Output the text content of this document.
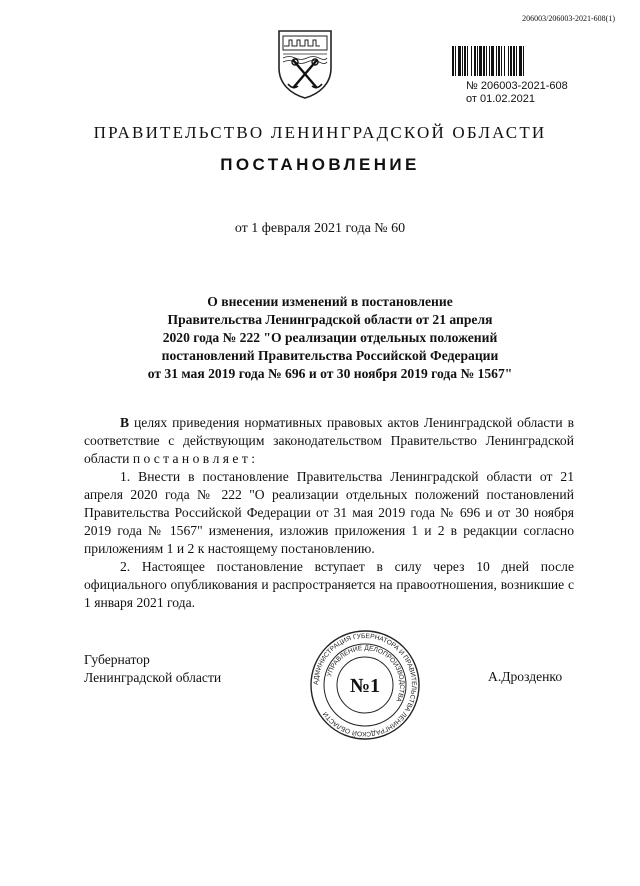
206003/206003-2021-608(1)
№ 206003-2021-608
от 01.02.2021
ПРАВИТЕЛЬСТВО ЛЕНИНГРАДСКОЙ ОБЛАСТИ
ПОСТАНОВЛЕНИЕ
от 1 февраля 2021 года № 60
О внесении изменений в постановление
Правительства Ленинградской области от 21 апреля
2020 года № 222 "О реализации отдельных положений
постановлений Правительства Российской Федерации
от 31 мая 2019 года № 696 и от 30 ноября 2019 года № 1567"

В целях приведения нормативных правовых актов Ленинградской области в соответствие с действующим законодательством Правительство Ленинградской области п о с т а н о в л я е т :

1. Внести в постановление Правительства Ленинградской области от 21 апреля 2020 года № 222 "О реализации отдельных положений постановлений Правительства Российской Федерации от 31 мая 2019 года № 696 и от 30 ноября 2019 года № 1567" изменения, изложив приложения 1 и 2 в редакции согласно приложениям 1 и 2 к настоящему постановлению.

2. Настоящее постановление вступает в силу через 10 дней после официального опубликования и распространяется на правоотношения, возникшие с 1 января 2021 года.

Губернатор
Ленинградской области	А.Дрозденко
АДМИНИСТРАЦИЯ ГУБЕРНАТОРА И ПРАВИТЕЛЬСТВА ЛЕНИНГРАДСКОЙ ОБЛАСТИ
УПРАВЛЕНИЕ ДЕЛОПРОИЗВОДСТВА
№1
